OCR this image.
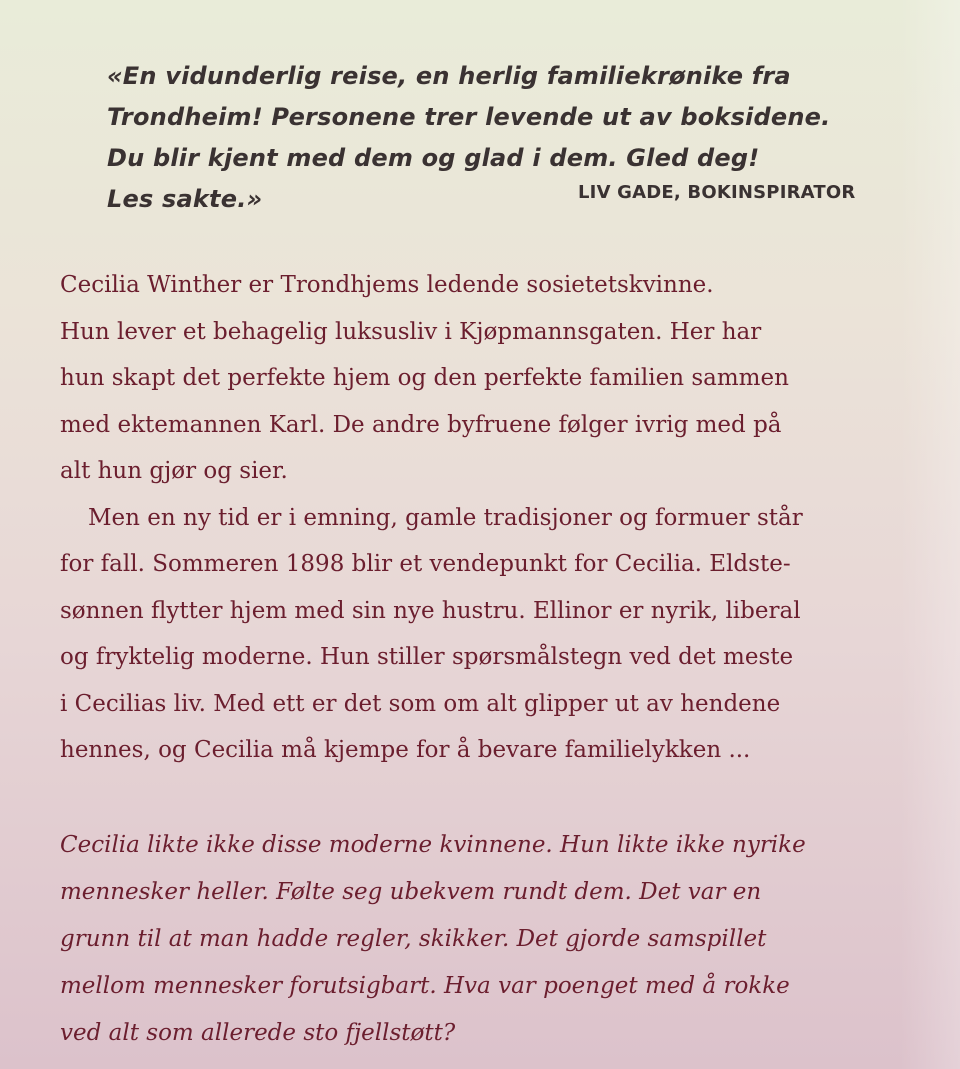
«En vidunderlig reise, en herlig familiekrønike fra
Trondheim! Personene trer levende ut av boksidene.
Du blir kjent med dem og glad i dem. Gled deg!
Les sakte.»	LIV GADE, BOKINSPIRATOR

Cecilia Winther er Trondhjems ledende sosietetskvinne.
Hun lever et behagelig luksusliv i Kjøpmannsgaten. Her har
hun skapt det perfekte hjem og den perfekte familien sammen
med ektemannen Karl. De andre byfruene følger ivrig med på
alt hun gjør og sier.

Men en ny tid er i emning, gamle tradisjoner og formuer står
for fall. Sommeren 1898 blir et vendepunkt for Cecilia. Eldste-
sønnen flytter hjem med sin nye hustru. Ellinor er nyrik, liberal
og fryktelig moderne. Hun stiller spørsmålstegn ved det meste
i Cecilias liv. Med ett er det som om alt glipper ut av hendene
hennes, og Cecilia må kjempe for å bevare familielykken ...

Cecilia likte ikke disse moderne kvinnene. Hun likte ikke nyrike
mennesker heller. Følte seg ubekvem rundt dem. Det var en
grunn til at man hadde regler, skikker. Det gjorde samspillet
mellom mennesker forutsigbart. Hva var poenget med å rokke
ved alt som allerede sto fjellstøtt?
